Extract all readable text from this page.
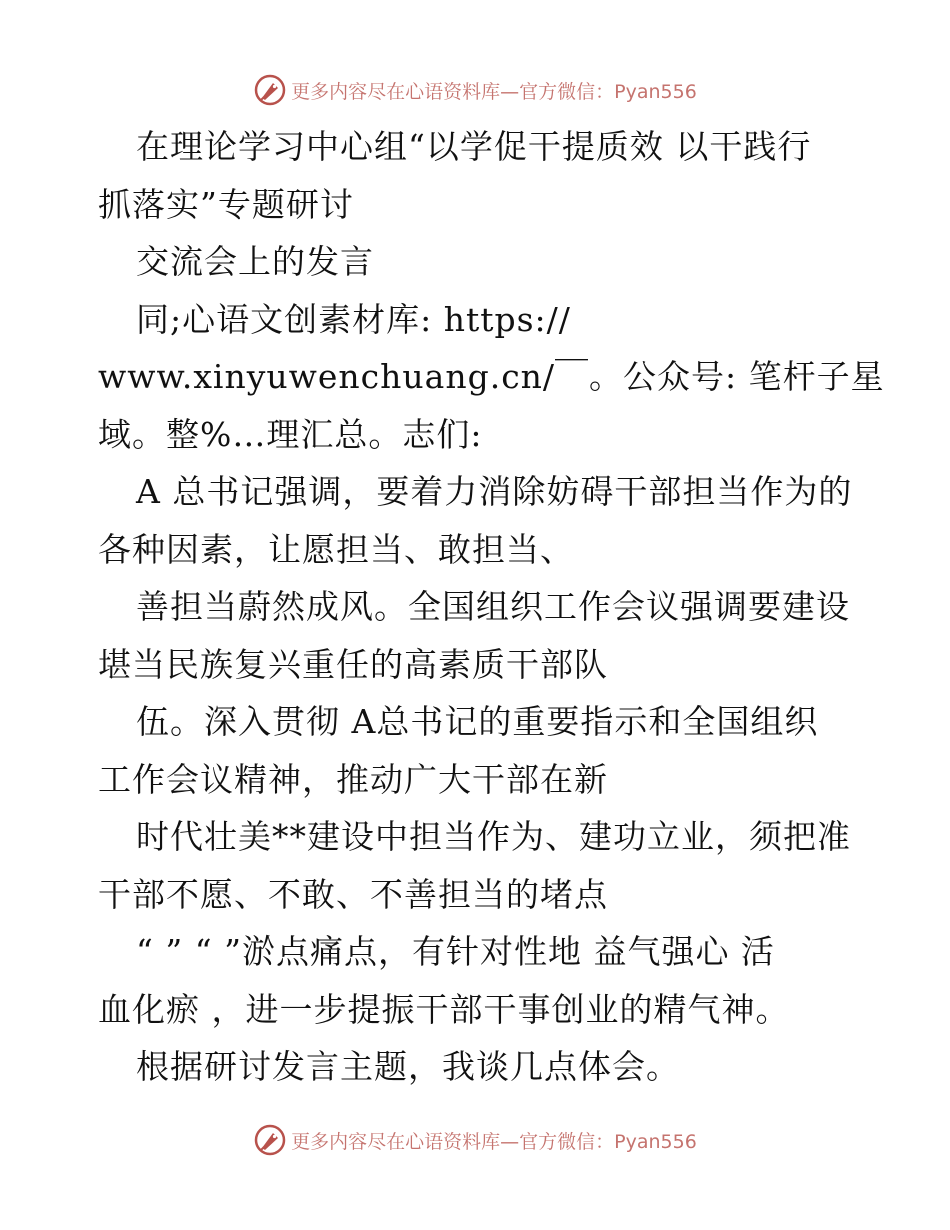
更多内容尽在心语资料库—官方微信：Pyan556
在理论学习中心组“以学促干提质效 以干践行
抓落实”专题研讨
交流会上的发言
同;心语文创素材库: https://
www.xinyuwenchuang.cn/￣。公众号: 笔杆子星
域。整%…理汇总。志们:
A 总书记强调，要着力消除妨碍干部担当作为的
各种因素，让愿担当、敢担当、
善担当蔚然成风。全国组织工作会议强调要建设
堪当民族复兴重任的高素质干部队
伍。深入贯彻 A总书记的重要指示和全国组织
工作会议精神，推动广大干部在新
时代壮美**建设中担当作为、建功立业，须把准
干部不愿、不敢、不善担当的堵点
“ ” “ ”淤点痛点，有针对性地 益气强心 活
血化瘀 ，进一步提振干部干事创业的精气神。
根据研讨发言主题，我谈几点体会。
更多内容尽在心语资料库—官方微信：Pyan556
